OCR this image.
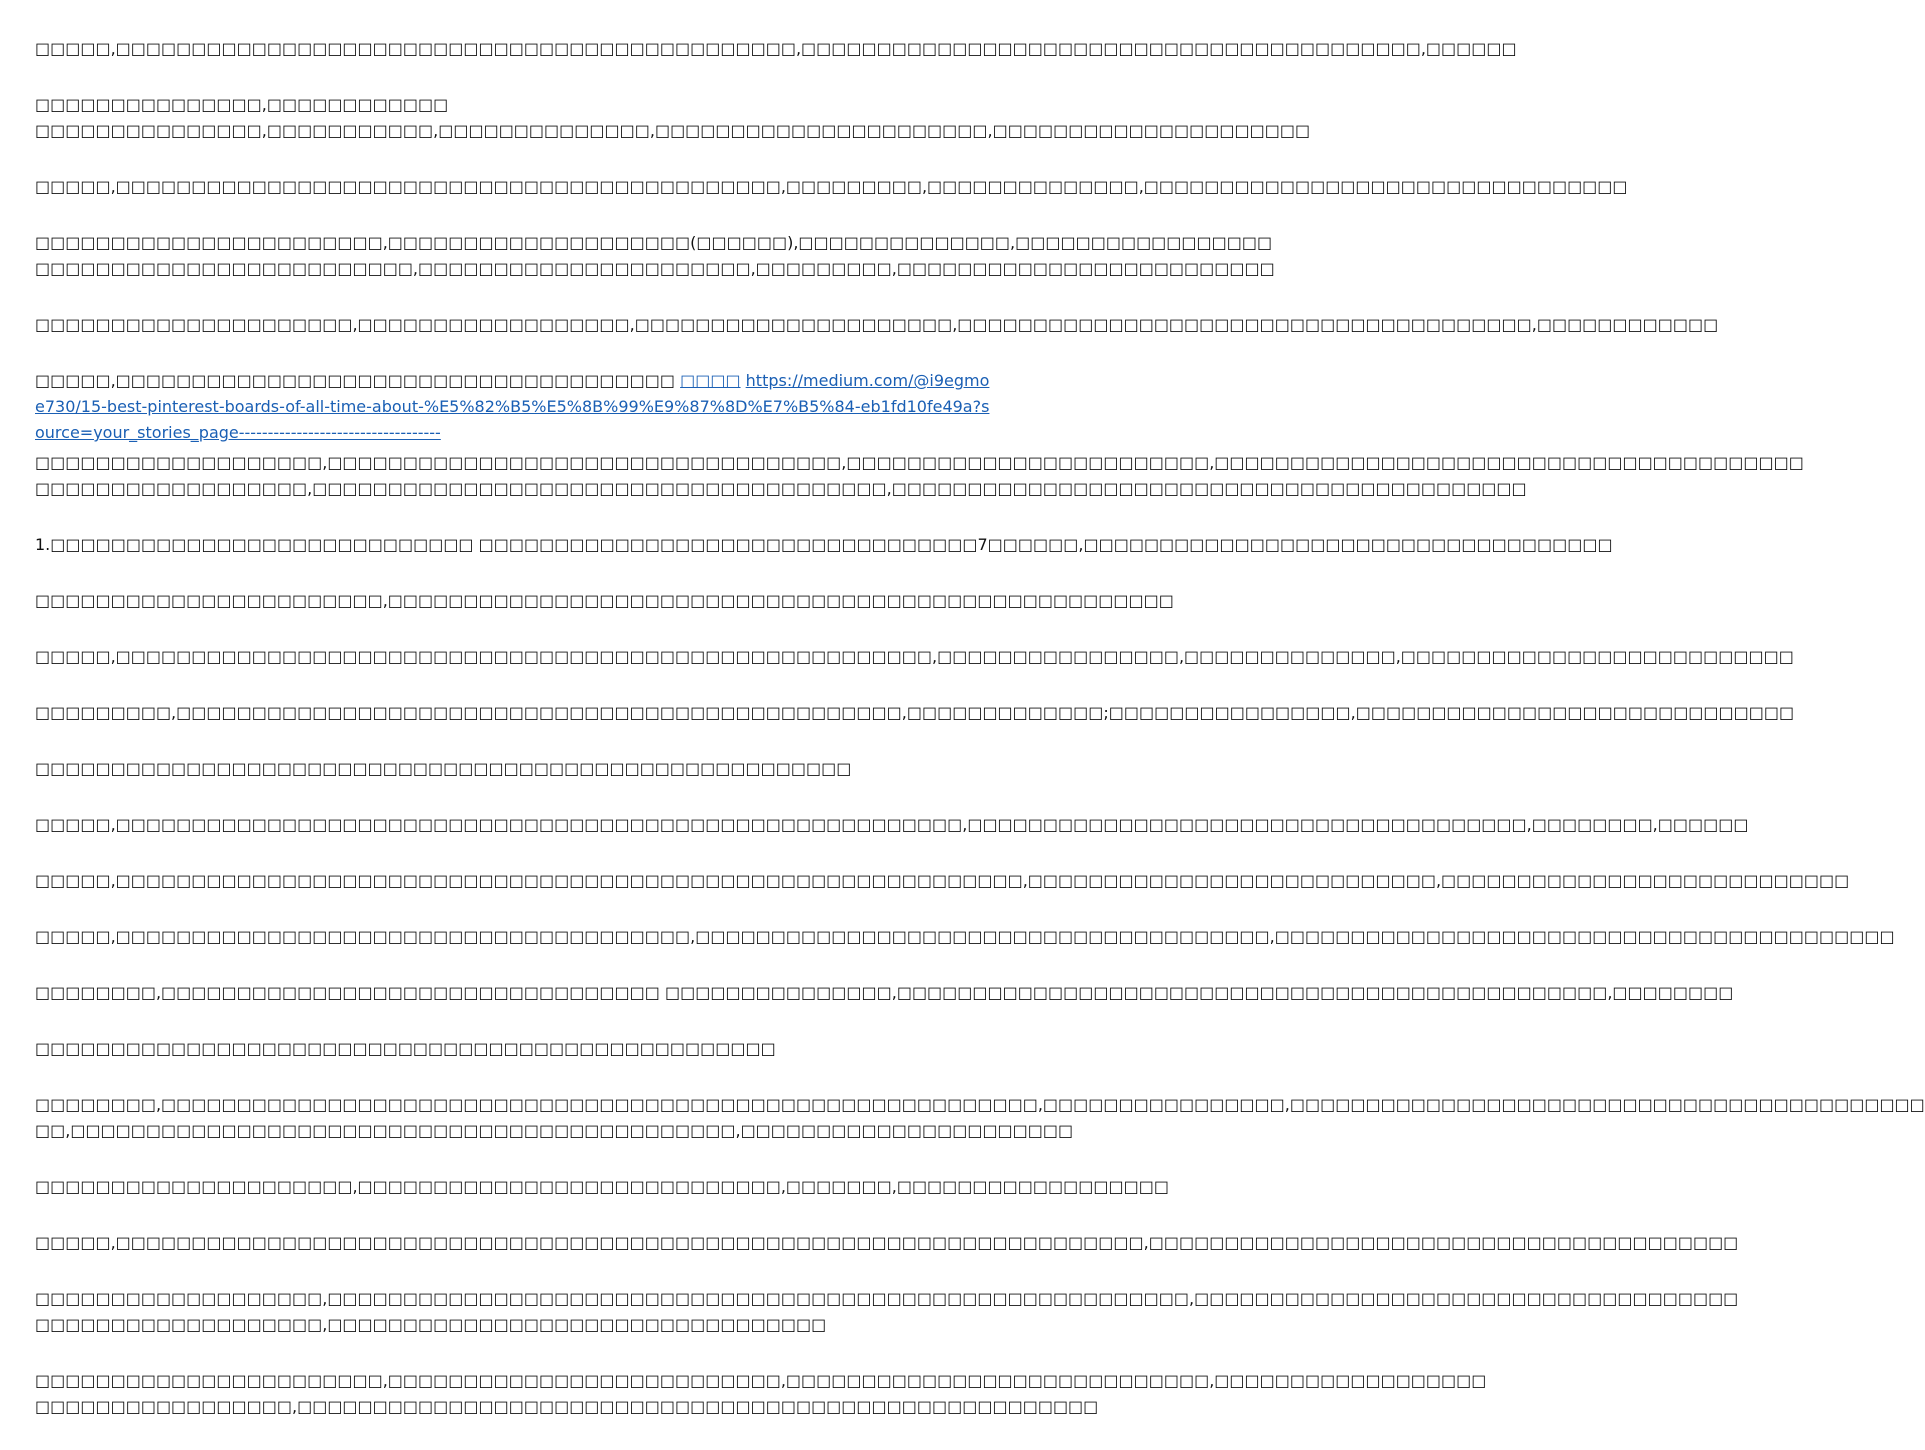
□□□□□,□□□□□□□□□□□□□□□□□□□□□□□□□□□□□□□□□□□□□□□□□□□□□,□□□□□□□□□□□□□□□□□□□□□□□□□□□□□□□□□□□□□□□□□,□□□□□□

□□□□□□□□□□□□□□□,□□□□□□□□□□□□
□□□□□□□□□□□□□□□,□□□□□□□□□□□,□□□□□□□□□□□□□□,□□□□□□□□□□□□□□□□□□□□□□,□□□□□□□□□□□□□□□□□□□□□

□□□□□,□□□□□□□□□□□□□□□□□□□□□□□□□□□□□□□□□□□□□□□□□□□□,□□□□□□□□□,□□□□□□□□□□□□□□,□□□□□□□□□□□□□□□□□□□□□□□□□□□□□□□□

□□□□□□□□□□□□□□□□□□□□□□□,□□□□□□□□□□□□□□□□□□□□(□□□□□□),□□□□□□□□□□□□□□,□□□□□□□□□□□□□□□□□
□□□□□□□□□□□□□□□□□□□□□□□□□,□□□□□□□□□□□□□□□□□□□□□□,□□□□□□□□□,□□□□□□□□□□□□□□□□□□□□□□□□□

□□□□□□□□□□□□□□□□□□□□□,□□□□□□□□□□□□□□□□□□,□□□□□□□□□□□□□□□□□□□□□,□□□□□□□□□□□□□□□□□□□□□□□□□□□□□□□□□□□□□□,□□□□□□□□□□□□

□□□□□,□□□□□□□□□□□□□□□□□□□□□□□□□□□□□□□□□□□□□ □□□□ https://medium.com/@i9egmoe730/15-best-pinterest-boards-of-all-time-about-%E5%82%B5%E5%8B%99%E9%87%8D%E7%B5%84-eb1fd10fe49a?source=your_stories_page-----------------------------------

□□□□□□□□□□□□□□□□□□□,□□□□□□□□□□□□□□□□□□□□□□□□□□□□□□□□□□,□□□□□□□□□□□□□□□□□□□□□□□□,□□□□□□□□□□□□□□□□□□□□□□□□□□□□□□□□□□□□□□□
□□□□□□□□□□□□□□□□□□,□□□□□□□□□□□□□□□□□□□□□□□□□□□□□□□□□□□□□□,□□□□□□□□□□□□□□□□□□□□□□□□□□□□□□□□□□□□□□□□□□

1.□□□□□□□□□□□□□□□□□□□□□□□□□□□□ □□□□□□□□□□□□□□□□□□□□□□□□□□□□□□□□□7□□□□□□,□□□□□□□□□□□□□□□□□□□□□□□□□□□□□□□□□□□

□□□□□□□□□□□□□□□□□□□□□□□,□□□□□□□□□□□□□□□□□□□□□□□□□□□□□□□□□□□□□□□□□□□□□□□□□□□□

□□□□□,□□□□□□□□□□□□□□□□□□□□□□□□□□□□□□□□□□□□□□□□□□□□□□□□□□□□□□,□□□□□□□□□□□□□□□□,□□□□□□□□□□□□□□,□□□□□□□□□□□□□□□□□□□□□□□□□□

□□□□□□□□□,□□□□□□□□□□□□□□□□□□□□□□□□□□□□□□□□□□□□□□□□□□□□□□□□,□□□□□□□□□□□□□;□□□□□□□□□□□□□□□□,□□□□□□□□□□□□□□□□□□□□□□□□□□□□□

□□□□□□□□□□□□□□□□□□□□□□□□□□□□□□□□□□□□□□□□□□□□□□□□□□□□□□

□□□□□,□□□□□□□□□□□□□□□□□□□□□□□□□□□□□□□□□□□□□□□□□□□□□□□□□□□□□□□□,□□□□□□□□□□□□□□□□□□□□□□□□□□□□□□□□□□□□□,□□□□□□□□,□□□□□□

□□□□□,□□□□□□□□□□□□□□□□□□□□□□□□□□□□□□□□□□□□□□□□□□□□□□□□□□□□□□□□□□□□,□□□□□□□□□□□□□□□□□□□□□□□□□□□,□□□□□□□□□□□□□□□□□□□□□□□□□□□

□□□□□,□□□□□□□□□□□□□□□□□□□□□□□□□□□□□□□□□□□□□□,□□□□□□□□□□□□□□□□□□□□□□□□□□□□□□□□□□□□□□,□□□□□□□□□□□□□□□□□□□□□□□□□□□□□□□□□□□□□□□□□

□□□□□□□□,□□□□□□□□□□□□□□□□□□□□□□□□□□□□□□□□□ □□□□□□□□□□□□□□□,□□□□□□□□□□□□□□□□□□□□□□□□□□□□□□□□□□□□□□□□□□□□□□□,□□□□□□□□

□□□□□□□□□□□□□□□□□□□□□□□□□□□□□□□□□□□□□□□□□□□□□□□□□

□□□□□□□□,□□□□□□□□□□□□□□□□□□□□□□□□□□□□□□□□□□□□□□□□□□□□□□□□□□□□□□□□□□,□□□□□□□□□□□□□□□□,□□□□□□□□□□□□□□□□□□□□□□□□□□□□□□□□□□□□□□□□□□
□□,□□□□□□□□□□□□□□□□□□□□□□□□□□□□□□□□□□□□□□□□□□□□,□□□□□□□□□□□□□□□□□□□□□□

□□□□□□□□□□□□□□□□□□□□□,□□□□□□□□□□□□□□□□□□□□□□□□□□□□,□□□□□□□,□□□□□□□□□□□□□□□□□□

□□□□□,□□□□□□□□□□□□□□□□□□□□□□□□□□□□□□□□□□□□□□□□□□□□□□□□□□□□□□□□□□□□□□□□□□□□,□□□□□□□□□□□□□□□□□□□□□□□□□□□□□□□□□□□□□□□

□□□□□□□□□□□□□□□□□□□,□□□□□□□□□□□□□□□□□□□□□□□□□□□□□□□□□□□□□□□□□□□□□□□□□□□□□□□□□,□□□□□□□□□□□□□□□□□□□□□□□□□□□□□□□□□□□□
□□□□□□□□□□□□□□□□□□□,□□□□□□□□□□□□□□□□□□□□□□□□□□□□□□□□□

□□□□□□□□□□□□□□□□□□□□□□□,□□□□□□□□□□□□□□□□□□□□□□□□□□,□□□□□□□□□□□□□□□□□□□□□□□□□□□□,□□□□□□□□□□□□□□□□□□
□□□□□□□□□□□□□□□□□,□□□□□□□□□□□□□□□□□□□□□□□□□□□□□□□□□□□□□□□□□□□□□□□□□□□□□
